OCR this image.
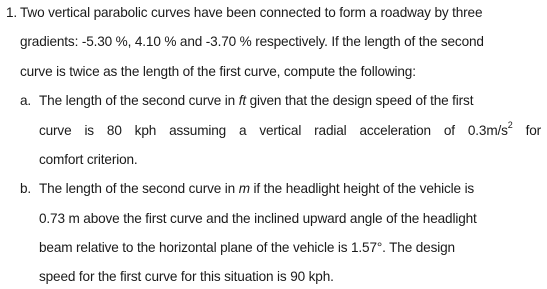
1. Two vertical parabolic curves have been connected to form a roadway by three
gradients: -5.30 %, 4.10 % and -3.70 % respectively. If the length of the second
curve is twice as the length of the first curve, compute the following:
a. The length of the second curve in ft given that the design speed of the first
curve is 80 kph assuming a vertical radial acceleration of $0.3m/s^2$ for
comfort criterion.
b. The length of the second curve in m if the headlight height of the vehicle is
0.73 m above the first curve and the inclined upward angle of the headlight
beam relative to the horizontal plane of the vehicle is 1.57°. The design
speed for the first curve for this situation is 90 kph.
